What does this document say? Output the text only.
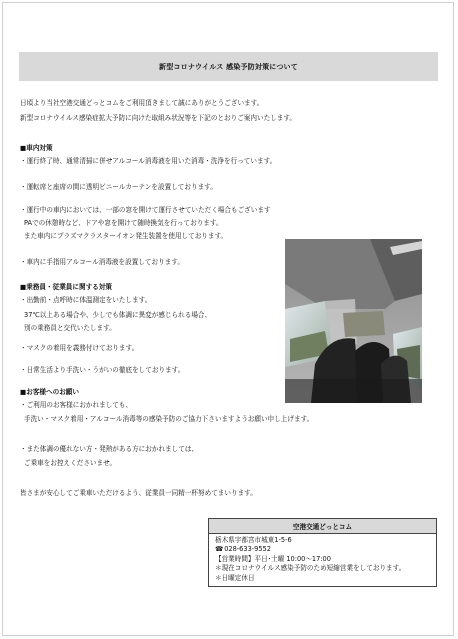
新型コロナウイルス 感染予防対策について
日頃より当社空港交通どっとコムをご利用頂きまして誠にありがとうございます。
新型コロナウイルス感染症拡大予防に向けた取組み状況等を下記のとおりご案内いたします。
■車内対策
・運行終了時、通常清掃に併せアルコール消毒液を用いた消毒・洗浄を行っています。
・運転席と座席の間に透明ビニールカーテンを設置しております。
・運行中の車内においては、一部の窓を開けて運行させていただく場合もございます
PAでの休憩時など、ドアや窓を開けて随時換気を行っております。
また車内にプラズマクラスターイオン発生装置を使用しております。
・車内に手指用アルコール消毒液を設置しております。
■乗務員・従業員に関する対策
・出勤前・点呼時に体温測定をいたします。
37℃以上ある場合や、少しでも体調に異変が感じられる場合、
別の乗務員と交代いたします。
・マスクの着用を義務付けております。
・日常生活より手洗い・うがいの徹底をしております。
■お客様へのお願い
・ご利用のお客様におかれましても、
手洗い・マスク着用・アルコール消毒等の感染予防のご協力下さいますようお願い申し上げます。
・また体調の優れない方・発熱がある方におかれましては、
ご乗車をお控えくださいませ。
皆さまが安心してご乗車いただけるよう、従業員一同精一杯努めてまいります。
空港交通どっとコム
栃木県宇都宮市城東1-5-6
☎028-633-9552
【営業時間】平日･土曜 10:00～17:00
＊現在コロナウイルス感染予防のため短縮営業をしております。
＊日曜定休日
